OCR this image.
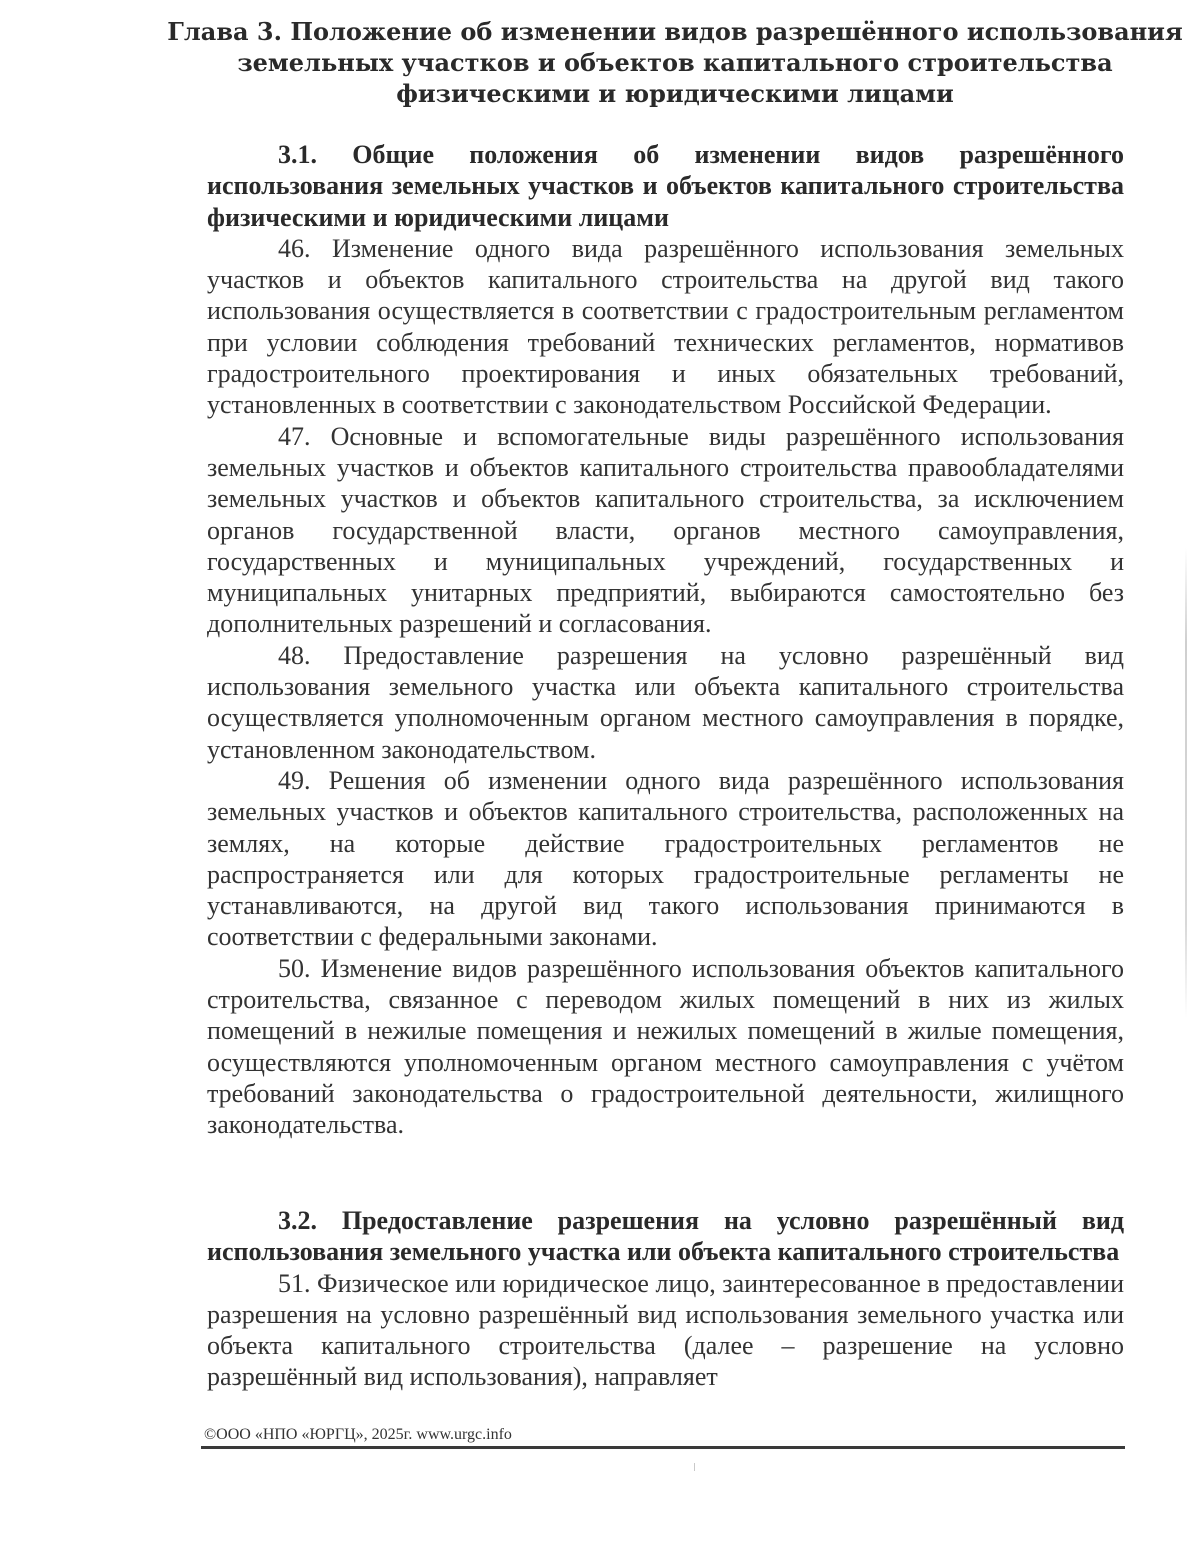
Глава 3. Положение об изменении видов разрешённого использования
земельных участков и объектов капитального строительства
физическими и юридическими лицами

3.1. Общие положения об изменении видов разрешённого использования земельных участков и объектов капитального строительства физическими и юридическими лицами

46. Изменение одного вида разрешённого использования земельных участков и объектов капитального строительства на другой вид такого использования осуществляется в соответствии с градостроительным регламентом при условии соблюдения требований технических регламентов, нормативов градостроительного проектирования и иных обязательных требований, установленных в соответствии с законодательством Российской Федерации.

47. Основные и вспомогательные виды разрешённого использования земельных участков и объектов капитального строительства правообладателями земельных участков и объектов капитального строительства, за исключением органов государственной власти, органов местного самоуправления, государственных и муниципальных учреждений, государственных и муниципальных унитарных предприятий, выбираются самостоятельно без дополнительных разрешений и согласования.

48. Предоставление разрешения на условно разрешённый вид использования земельного участка или объекта капитального строительства осуществляется уполномоченным органом местного самоуправления в порядке, установленном законодательством.

49. Решения об изменении одного вида разрешённого использования земельных участков и объектов капитального строительства, расположенных на землях, на которые действие градостроительных регламентов не распространяется или для которых градостроительные регламенты не устанавливаются, на другой вид такого использования принимаются в соответствии с федеральными законами.

50. Изменение видов разрешённого использования объектов капитального строительства, связанное с переводом жилых помещений в них из жилых помещений в нежилые помещения и нежилых помещений в жилые помещения, осуществляются уполномоченным органом местного самоуправления с учётом требований законодательства о градостроительной деятельности, жилищного законодательства.

3.2. Предоставление разрешения на условно разрешённый вид использования земельного участка или объекта капитального строительства

51. Физическое или юридическое лицо, заинтересованное в предоставлении разрешения на условно разрешённый вид использования земельного участка или объекта капитального строительства (далее – разрешение на условно разрешённый вид использования), направляет

©ООО «НПО «ЮРГЦ», 2025г. www.urgc.info
